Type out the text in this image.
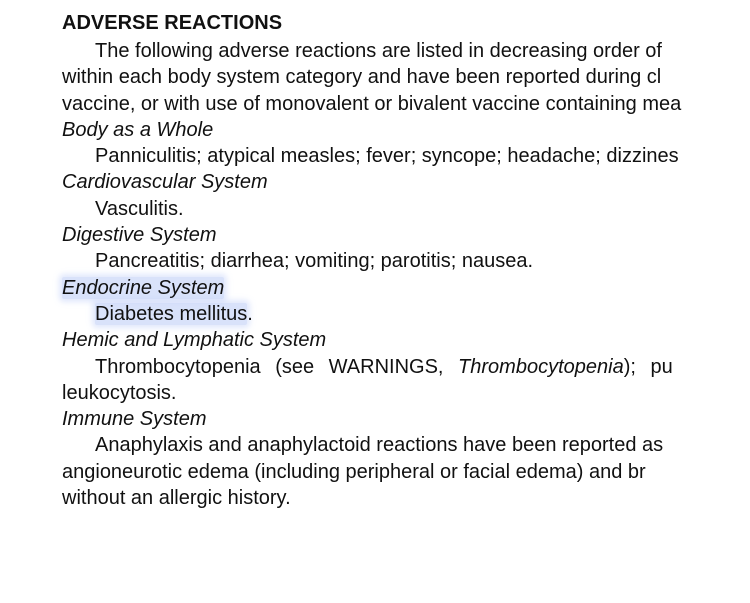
ADVERSE REACTIONS
The following adverse reactions are listed in decreasing order of
within each body system category and have been reported during cl
vaccine, or with use of monovalent or bivalent vaccine containing mea
Body as a Whole
Panniculitis; atypical measles; fever; syncope; headache; dizzines
Cardiovascular System
Vasculitis.
Digestive System
Pancreatitis; diarrhea; vomiting; parotitis; nausea.
Endocrine System
Diabetes mellitus.
Hemic and Lymphatic System
Thrombocytopenia (see WARNINGS, Thrombocytopenia); pu
leukocytosis.
Immune System
Anaphylaxis and anaphylactoid reactions have been reported as
angioneurotic edema (including peripheral or facial edema) and br
without an allergic history.
